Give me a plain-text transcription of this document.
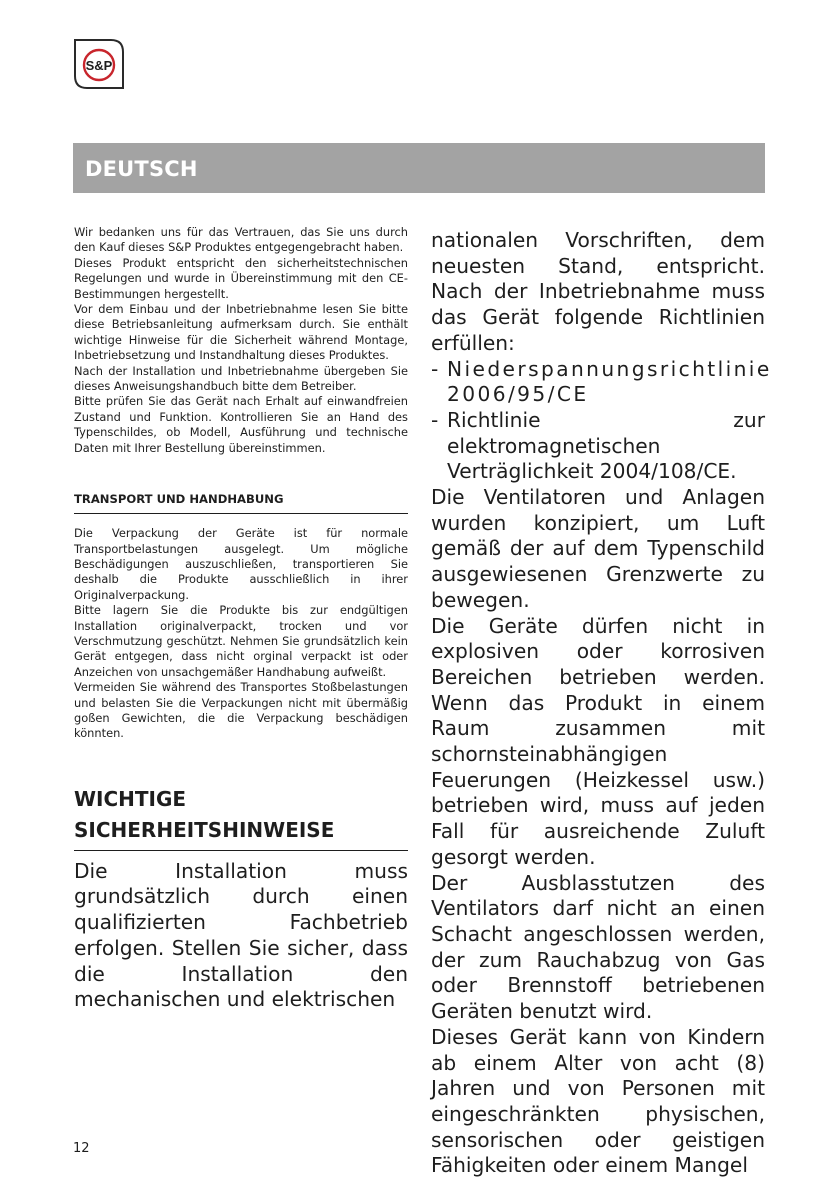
S&P
DEUTSCH

Wir bedanken uns für das Vertrauen, das Sie uns durch den Kauf dieses S&P Produktes entgegengebracht haben.

Dieses Produkt entspricht den sicherheitstechnischen Regelungen und wurde in Übereinstimmung mit den CE-Bestimmungen hergestellt.

Vor dem Einbau und der Inbetriebnahme lesen Sie bitte diese Betriebsanleitung aufmerksam durch. Sie enthält wichtige Hinweise für die Sicherheit während Montage, Inbetriebsetzung und Instandhaltung dieses Produktes.

Nach der Installation und Inbetriebnahme übergeben Sie dieses Anweisungshandbuch bitte dem Betreiber.

Bitte prüfen Sie das Gerät nach Erhalt auf einwandfreien Zustand und Funktion. Kontrollieren Sie an Hand des Typenschildes, ob Modell, Ausführung und technische Daten mit Ihrer Bestellung übereinstimmen.

TRANSPORT UND HANDHABUNG

Die Verpackung der Geräte ist für normale Transportbelastungen ausgelegt. Um mögliche Beschädigungen auszuschließen, transportieren Sie deshalb die Produkte ausschließlich in ihrer Originalverpackung.

Bitte lagern Sie die Produkte bis zur endgültigen Installation originalverpackt, trocken und vor Verschmutzung geschützt. Nehmen Sie grundsätzlich kein Gerät entgegen, dass nicht orginal verpackt ist oder Anzeichen von unsachgemäßer Handhabung aufweißt.

Vermeiden Sie während des Transportes Stoßbelastungen und belasten Sie die Verpackungen nicht mit übermäßig goßen Gewichten, die die Verpackung beschädigen könnten.

WICHTIGE
SICHERHEITSHINWEISE

Die Installation muss grundsätzlich durch einen qualifizierten Fachbetrieb erfolgen. Stellen Sie sicher, dass die Installation den mechanischen und elektrischen

nationalen Vorschriften, dem neuesten Stand, entspricht. Nach der Inbetriebnahme muss das Gerät folgende Richtlinien erfüllen:

- Niederspannungsrichtlinie 2006/95/CE
- Richtlinie zur elektromagnetischen Verträglichkeit 2004/108/CE.

Die Ventilatoren und Anlagen wurden konzipiert, um Luft gemäß der auf dem Typenschild ausgewiesenen Grenzwerte zu bewegen.

Die Geräte dürfen nicht in explosiven oder korrosiven Bereichen betrieben werden. Wenn das Produkt in einem Raum zusammen mit schornsteinabhängigen Feuerungen (Heizkessel usw.) betrieben wird, muss auf jeden Fall für ausreichende Zuluft gesorgt werden.

Der Ausblasstutzen des Ventilators darf nicht an einen Schacht angeschlossen werden, der zum Rauchabzug von Gas oder Brennstoff betriebenen Geräten benutzt wird.

Dieses Gerät kann von Kindern ab einem Alter von acht (8) Jahren und von Personen mit eingeschränkten physischen, sensorischen oder geistigen Fähigkeiten oder einem Mangel

12
